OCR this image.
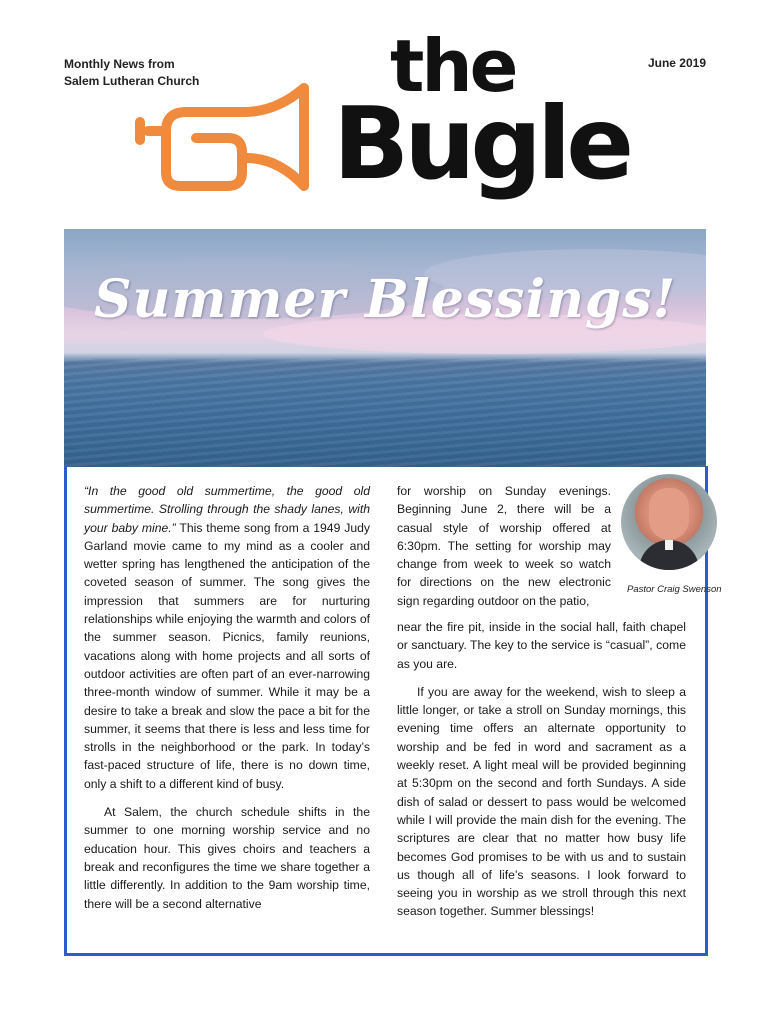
Monthly News from
Salem Lutheran Church
June 2019
the
Bugle
Summer Blessings!

“In the good old summertime, the good old summertime. Strolling through the shady lanes, with your baby mine.” This theme song from a 1949 Judy Garland movie came to my mind as a cooler and wetter spring has lengthened the anticipation of the coveted season of summer. The song gives the impression that summers are for nurturing relationships while enjoying the warmth and colors of the summer season. Picnics, family reunions, vacations along with home projects and all sorts of outdoor activities are often part of an ever-narrowing three-month window of summer. While it may be a desire to take a break and slow the pace a bit for the summer, it seems that there is less and less time for strolls in the neighborhood or the park. In today’s fast-paced structure of life, there is no down time, only a shift to a different kind of busy.

At Salem, the church schedule shifts in the summer to one morning worship service and no education hour. This gives choirs and teachers a break and reconfigures the time we share together a little differently. In addition to the 9am worship time, there will be a second alternative

for worship on Sunday evenings. Beginning June 2, there will be a casual style of worship offered at 6:30pm. The setting for worship may change from week to week so watch for directions on the new electronic sign regarding outdoor on the patio,

near the fire pit, inside in the social hall, faith chapel or sanctuary. The key to the service is “casual”, come as you are.

If you are away for the weekend, wish to sleep a little longer, or take a stroll on Sunday mornings, this evening time offers an alternate opportunity to worship and be fed in word and sacrament as a weekly reset. A light meal will be provided beginning at 5:30pm on the second and forth Sundays. A side dish of salad or dessert to pass would be welcomed while I will provide the main dish for the evening. The scriptures are clear that no matter how busy life becomes God promises to be with us and to sustain us though all of life’s seasons. I look forward to seeing you in worship as we stroll through this next season together. Summer blessings!

Pastor Craig Swenson
